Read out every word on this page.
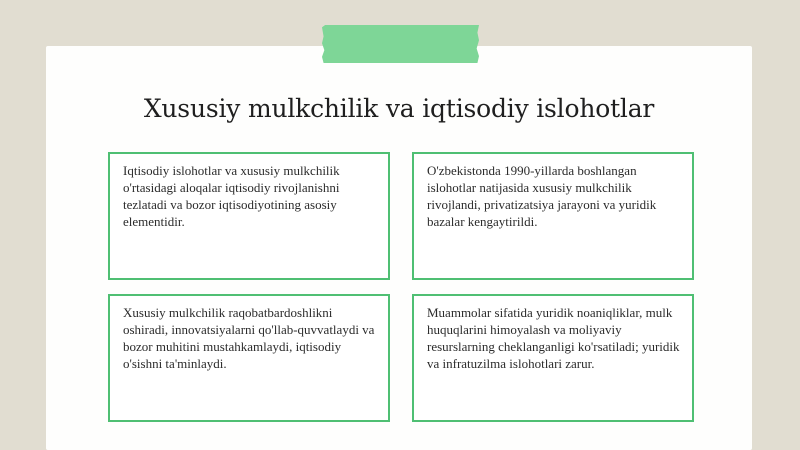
Xususiy mulkchilik va iqtisodiy islohotlar

Iqtisodiy islohotlar va xususiy mulkchilik o'rtasidagi aloqalar iqtisodiy rivojlanishni tezlatadi va bozor iqtisodiyotining asosiy elementidir.

O'zbekistonda 1990-yillarda boshlangan islohotlar natijasida xususiy mulkchilik rivojlandi, privatizatsiya jarayoni va yuridik bazalar kengaytirildi.

Xususiy mulkchilik raqobatbardoshlikni oshiradi, innovatsiyalarni qo'llab-quvvatlaydi va bozor muhitini mustahkamlaydi, iqtisodiy o'sishni ta'minlaydi.

Muammolar sifatida yuridik noaniqliklar, mulk huquqlarini himoyalash va moliyaviy resurslarning cheklanganligi ko'rsatiladi; yuridik va infratuzilma islohotlari zarur.
